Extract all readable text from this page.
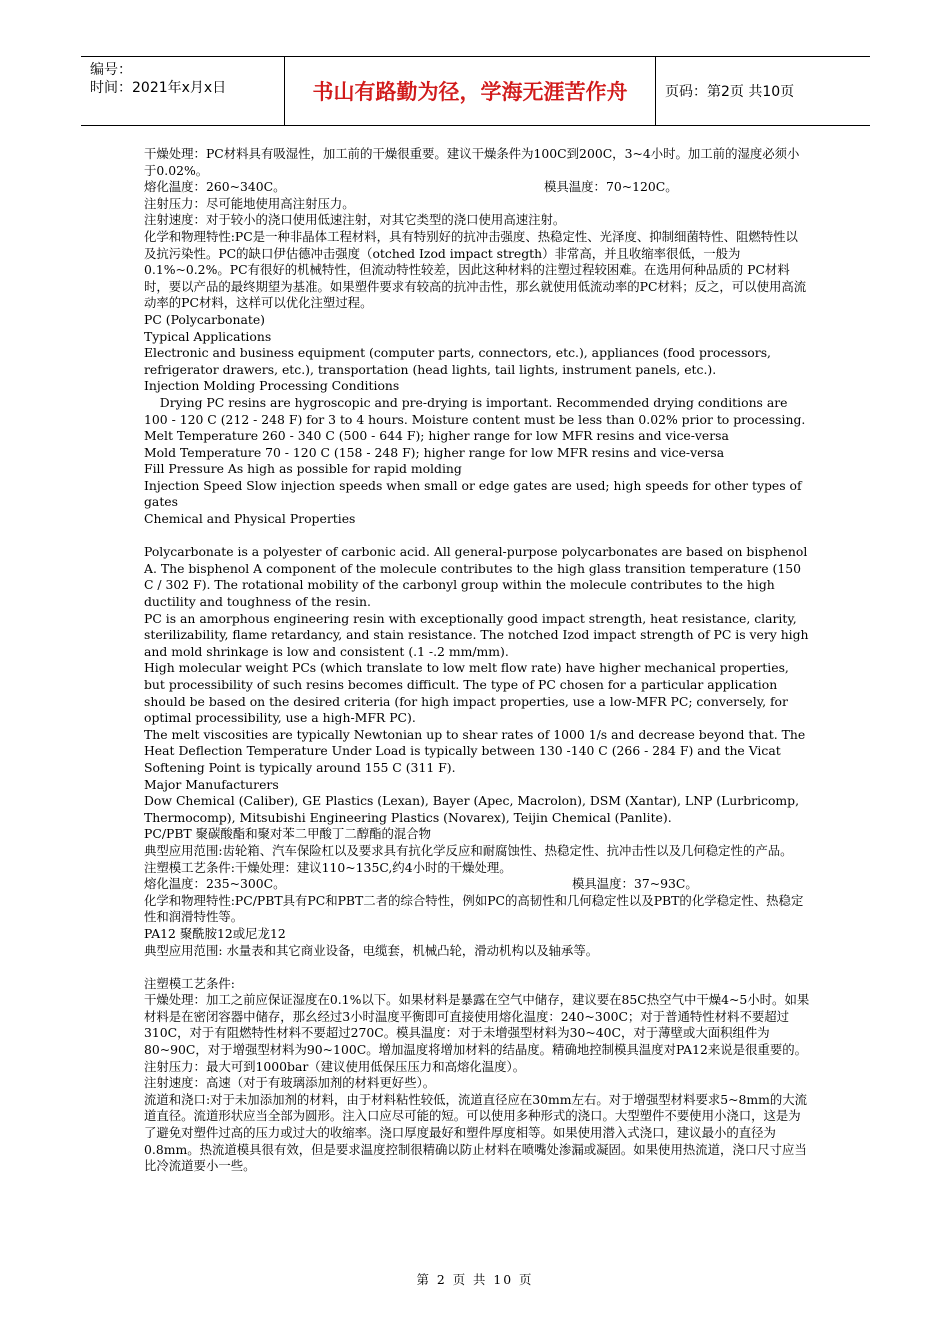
编号：
时间：2021年x月x日	书山有路勤为径，学海无涯苦作舟	页码：第2页 共10页

干燥处理：PC材料具有吸湿性，加工前的干燥很重要。建议干燥条件为100C到200C，3~4小时。加工前的湿度必须小于0.02%。

熔化温度：260~340C。	模具温度：70~120C。

注射压力：尽可能地使用高注射压力。

注射速度：对于较小的浇口使用低速注射，对其它类型的浇口使用高速注射。

化学和物理特性:PC是一种非晶体工程材料，具有特别好的抗冲击强度、热稳定性、光泽度、抑制细菌特性、阻燃特性以及抗污染性。PC的缺口伊估德冲击强度（otched Izod impact stregth）非常高，并且收缩率很低，一般为0.1%~0.2%。PC有很好的机械特性，但流动特性较差，因此这种材料的注塑过程较困难。在选用何种品质的 PC材料时，要以产品的最终期望为基准。如果塑件要求有较高的抗冲击性，那幺就使用低流动率的PC材料；反之，可以使用高流动率的PC材料，这样可以优化注塑过程。

PC (Polycarbonate)

Typical Applications

Electronic and business equipment (computer parts, connectors, etc.), appliances (food processors, refrigerator drawers, etc.), transportation (head lights, tail lights, instrument panels, etc.).

Injection Molding Processing Conditions

Drying PC resins are hygroscopic and pre-drying is important. Recommended drying conditions are 100 - 120 C (212 - 248 F) for 3 to 4 hours. Moisture content must be less than 0.02% prior to processing.

Melt Temperature 260 - 340 C (500 - 644 F); higher range for low MFR resins and vice-versa

Mold Temperature 70 - 120 C (158 - 248 F); higher range for low MFR resins and vice-versa

Fill Pressure As high as possible for rapid molding

Injection Speed Slow injection speeds when small or edge gates are used; high speeds for other types of gates

Chemical and Physical Properties

Polycarbonate is a polyester of carbonic acid. All general-purpose polycarbonates are based on bisphenol A. The bisphenol A component of the molecule contributes to the high glass transition temperature (150 C / 302 F). The rotational mobility of the carbonyl group within the molecule contributes to the high ductility and toughness of the resin.

PC is an amorphous engineering resin with exceptionally good impact strength, heat resistance, clarity, sterilizability, flame retardancy, and stain resistance. The notched Izod impact strength of PC is very high and mold shrinkage is low and consistent (.1 -.2 mm/mm).

High molecular weight PCs (which translate to low melt flow rate) have higher mechanical properties, but processibility of such resins becomes difficult. The type of PC chosen for a particular application should be based on the desired criteria (for high impact properties, use a low-MFR PC; conversely, for optimal processibility, use a high-MFR PC).

The melt viscosities are typically Newtonian up to shear rates of 1000 1/s and decrease beyond that. The Heat Deflection Temperature Under Load is typically between 130 -140 C (266 - 284 F) and the Vicat Softening Point is typically around 155 C (311 F).

Major Manufacturers

Dow Chemical (Caliber), GE Plastics (Lexan), Bayer (Apec, Macrolon), DSM (Xantar), LNP (Lurbricomp, Thermocomp), Mitsubishi Engineering Plastics (Novarex), Teijin Chemical (Panlite).

PC/PBT 聚碳酸酯和聚对苯二甲酸丁二醇酯的混合物

典型应用范围:齿轮箱、汽车保险杠以及要求具有抗化学反应和耐腐蚀性、热稳定性、抗冲击性以及几何稳定性的产品。

注塑模工艺条件:干燥处理：建议110~135C,约4小时的干燥处理。

熔化温度：235~300C。	模具温度：37~93C。

化学和物理特性:PC/PBT具有PC和PBT二者的综合特性，例如PC的高韧性和几何稳定性以及PBT的化学稳定性、热稳定性和润滑特性等。

PA12 聚酰胺12或尼龙12

典型应用范围: 水量表和其它商业设备，电缆套，机械凸轮，滑动机构以及轴承等。

注塑模工艺条件:

干燥处理：加工之前应保证湿度在0.1%以下。如果材料是暴露在空气中储存，建议要在85C热空气中干燥4~5小时。如果材料是在密闭容器中储存，那幺经过3小时温度平衡即可直接使用熔化温度：240~300C；对于普通特性材料不要超过310C，对于有阻燃特性材料不要超过270C。模具温度：对于未增强型材料为30~40C，对于薄壁或大面积组件为80~90C，对于增强型材料为90~100C。增加温度将增加材料的结晶度。精确地控制模具温度对PA12来说是很重要的。

注射压力：最大可到1000bar（建议使用低保压压力和高熔化温度）。

注射速度：高速（对于有玻璃添加剂的材料更好些）。

流道和浇口:对于未加添加剂的材料，由于材料粘性较低，流道直径应在30mm左右。对于增强型材料要求5~8mm的大流道直径。流道形状应当全部为圆形。注入口应尽可能的短。可以使用多种形式的浇口。大型塑件不要使用小浇口，这是为了避免对塑件过高的压力或过大的收缩率。浇口厚度最好和塑件厚度相等。如果使用潜入式浇口，建议最小的直径为0.8mm。热流道模具很有效，但是要求温度控制很精确以防止材料在喷嘴处渗漏或凝固。如果使用热流道，浇口尺寸应当比冷流道要小一些。

第 2 页 共 10 页
